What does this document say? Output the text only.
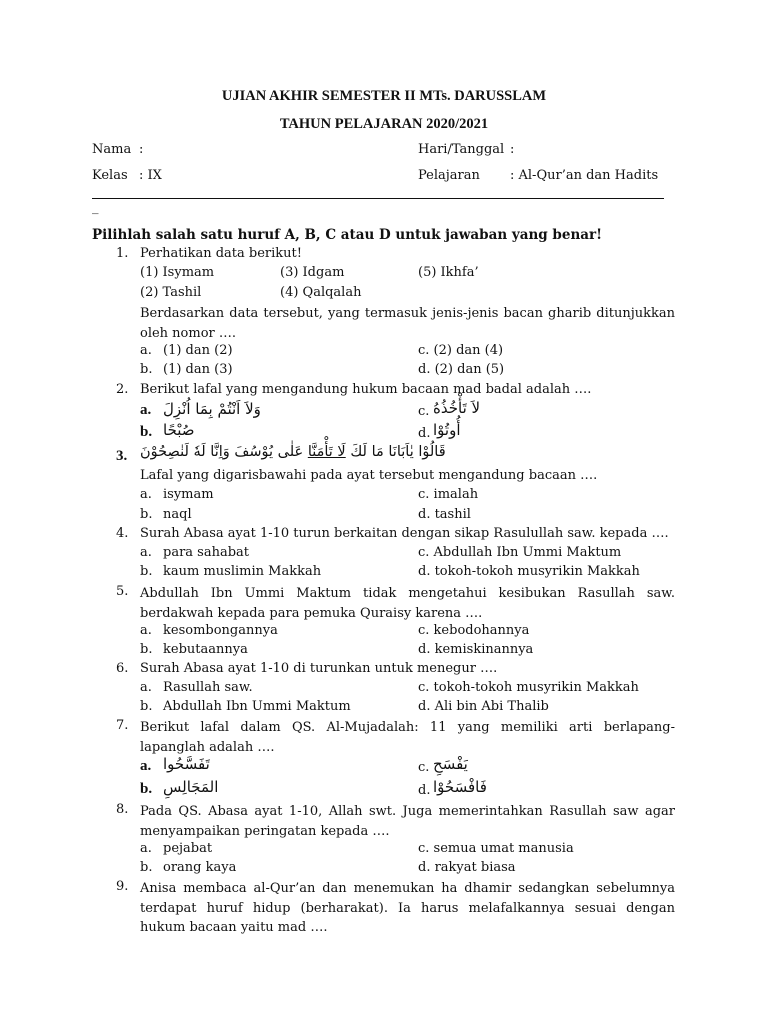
UJIAN AKHIR SEMESTER II MTs. DARUSSLAM
TAHUN PELAJARAN 2020/2021
Nama :	Hari/Tanggal :
Kelas : IX	Pelajaran : Al-Qur’an dan Hadits
_
Pilihlah salah satu huruf A, B, C atau D untuk jawaban yang benar!
1. Perhatikan data berikut!
(1) Isymam	(3) Idgam	(5) Ikhfa’
(2) Tashil	(4) Qalqalah
Berdasarkan data tersebut, yang termasuk jenis-jenis bacan gharib ditunjukkan oleh nomor ….
a. (1) dan (2)
b. (1) dan (3)
c. (2) dan (4)
d. (2) dan (5)
2. Berikut lafal yang mengandung hukum bacaan mad badal adalah ….
a. وَلاَ اَنْتُمْ بِمَا اُنْزِلَ
b. صُبْحًا
c. لاَ تَأْخُذُهُ
d. أُوتُوْا
3.	قَالُوْا يٰاَبَانَا مَا لَكَ لَا تَأْمَنَّا عَلٰى يُوْسُفَ وَاِنَّا لَهٗ لَنٰصِحُوْنَ
Lafal yang digarisbawahi pada ayat tersebut mengandung bacaan ….
a. isymam
b. naql
c. imalah
d. tashil
4. Surah Abasa ayat 1-10 turun berkaitan dengan sikap Rasulullah saw. kepada ….
a. para sahabat
b. kaum muslimin Makkah
c. Abdullah Ibn Ummi Maktum
d. tokoh-tokoh musyrikin Makkah
5. Abdullah Ibn Ummi Maktum tidak mengetahui kesibukan Rasullah saw. berdakwah kepada para pemuka Quraisy karena ….
a. kesombongannya
b. kebutaannya
c. kebodohannya
d. kemiskinannya
6. Surah Abasa ayat 1-10 di turunkan untuk menegur ….
a. Rasullah saw.
b. Abdullah Ibn Ummi Maktum
c. tokoh-tokoh musyrikin Makkah
d. Ali bin Abi Thalib
7. Berikut lafal dalam QS. Al-Mujadalah: 11 yang memiliki arti berlapang-lapanglah adalah ….
a. تَفَسَّحُوا
b. المَجَالِسِ
c. يَفْسَحِ
d. فَافْسَحُوْا
8. Pada QS. Abasa ayat 1-10, Allah swt. Juga memerintahkan Rasullah saw agar menyampaikan peringatan kepada ….
a. pejabat
b. orang kaya
c. semua umat manusia
d. rakyat biasa
9. Anisa membaca al-Qur’an dan menemukan ha dhamir sedangkan sebelumnya terdapat huruf hidup (berharakat). Ia harus melafalkannya sesuai dengan hukum bacaan yaitu mad ….
